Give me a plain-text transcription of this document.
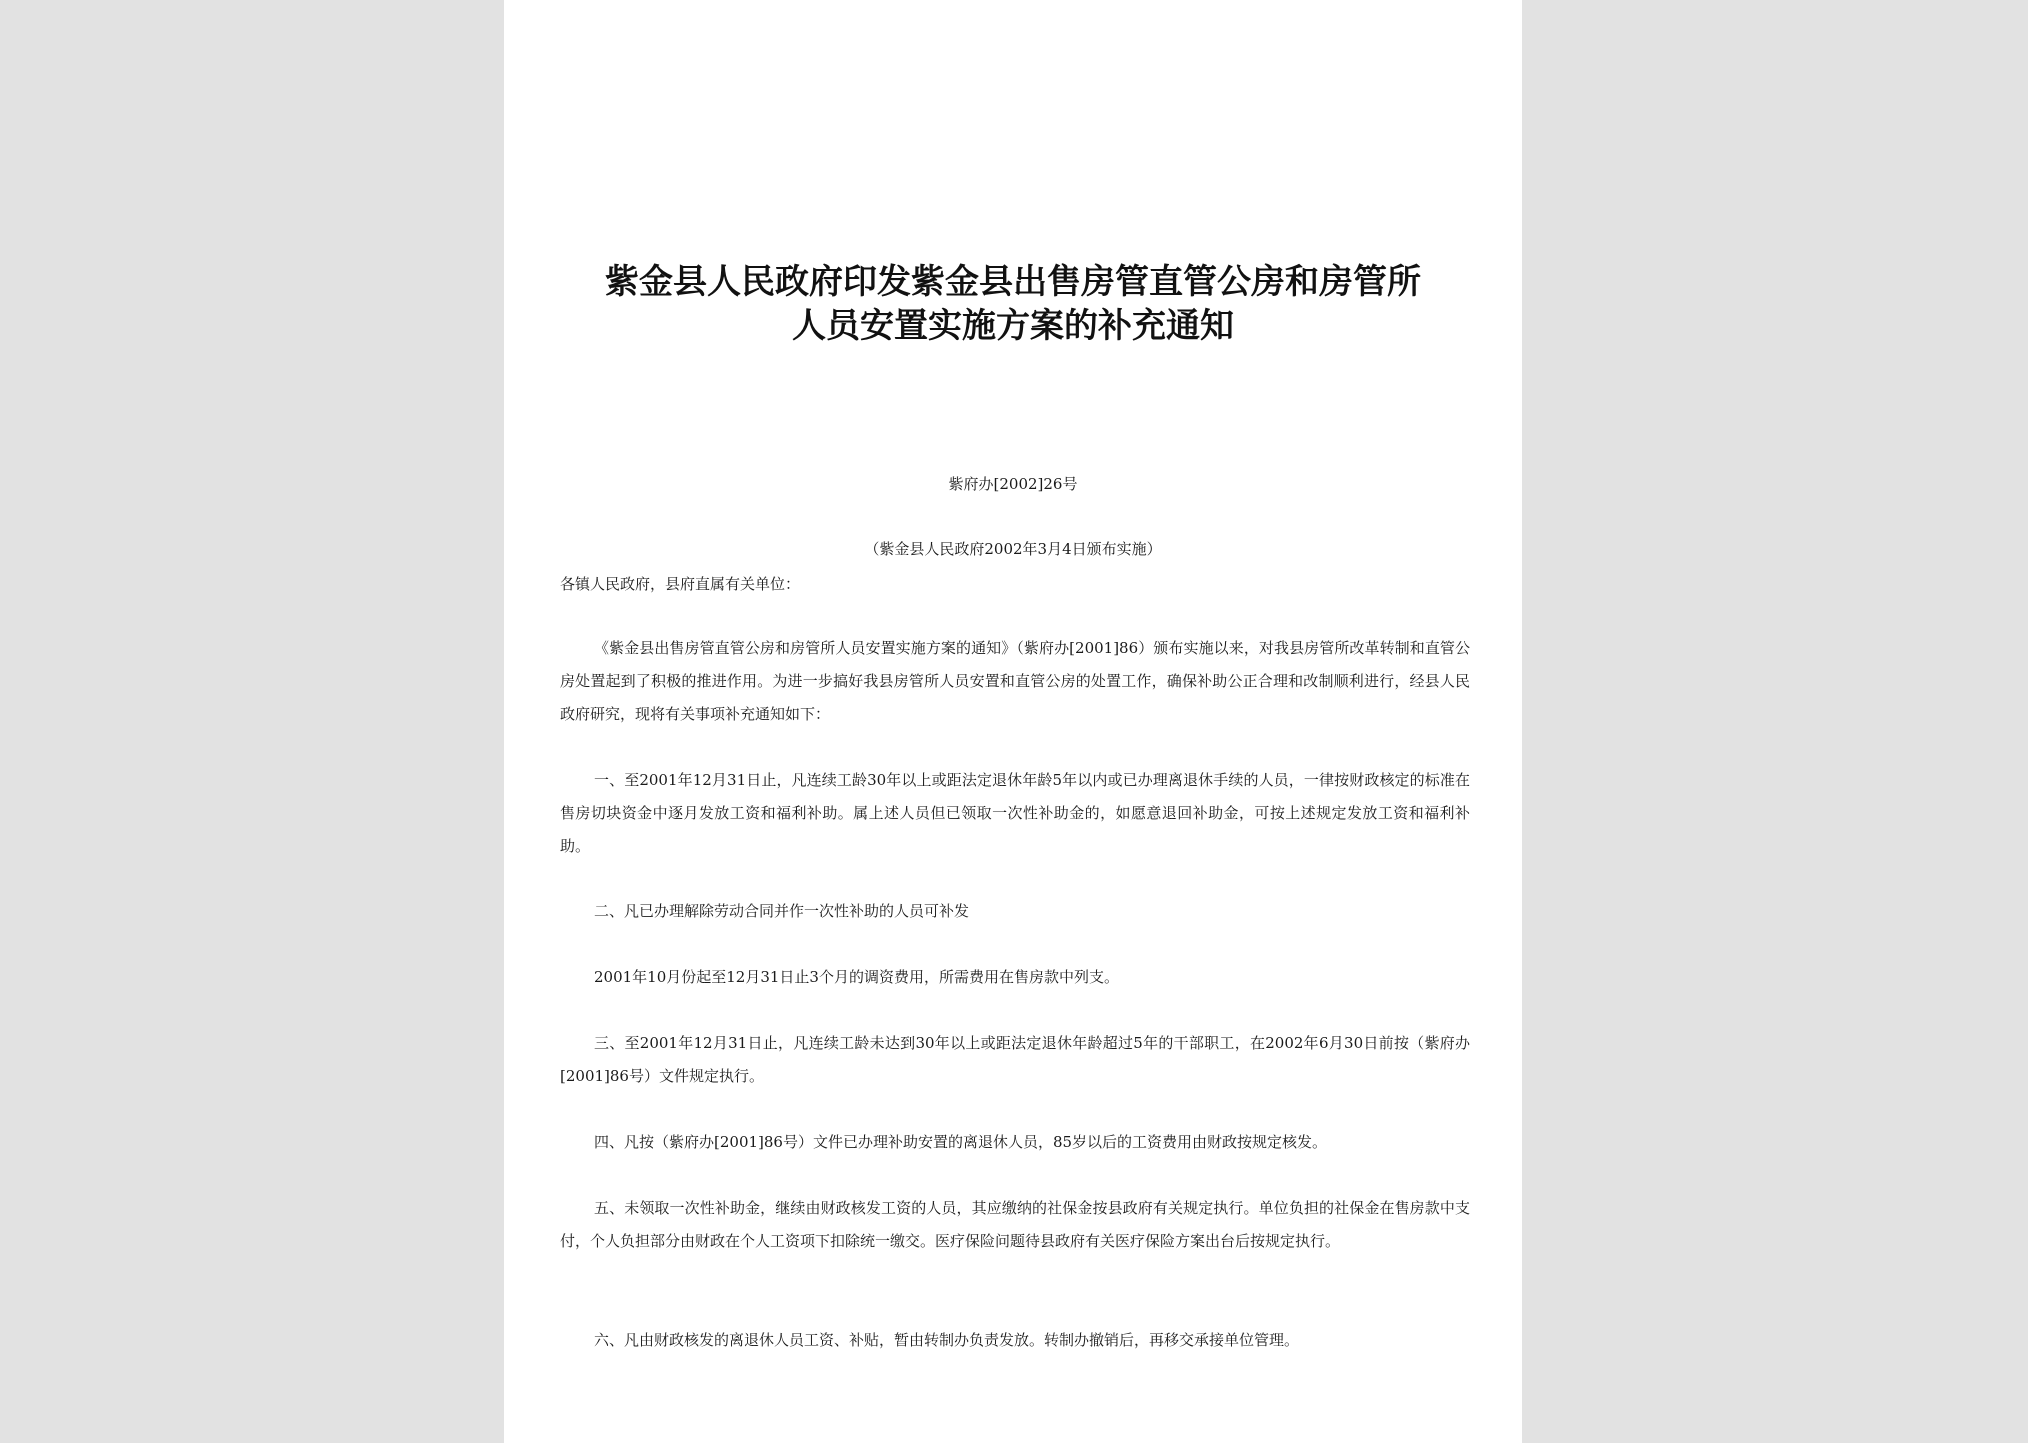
紫金县人民政府印发紫金县出售房管直管公房和房管所
人员安置实施方案的补充通知
紫府办[2002]26号
（紫金县人民政府2002年3月4日颁布实施）
各镇人民政府，县府直属有关单位：
《紫金县出售房管直管公房和房管所人员安置实施方案的通知》（紫府办[2001]86）颁布实施以来，对我县房管所改革转制和直管公房处置起到了积极的推进作用。为进一步搞好我县房管所人员安置和直管公房的处置工作，确保补助公正合理和改制顺利进行，经县人民政府研究，现将有关事项补充通知如下：
一、至2001年12月31日止，凡连续工龄30年以上或距法定退休年龄5年以内或已办理离退休手续的人员，一律按财政核定的标准在售房切块资金中逐月发放工资和福利补助。属上述人员但已领取一次性补助金的，如愿意退回补助金，可按上述规定发放工资和福利补助。
二、凡已办理解除劳动合同并作一次性补助的人员可补发
2001年10月份起至12月31日止3个月的调资费用，所需费用在售房款中列支。
三、至2001年12月31日止，凡连续工龄未达到30年以上或距法定退休年龄超过5年的干部职工，在2002年6月30日前按（紫府办[2001]86号）文件规定执行。
四、凡按（紫府办[2001]86号）文件已办理补助安置的离退休人员，85岁以后的工资费用由财政按规定核发。
五、未领取一次性补助金，继续由财政核发工资的人员，其应缴纳的社保金按县政府有关规定执行。单位负担的社保金在售房款中支付，个人负担部分由财政在个人工资项下扣除统一缴交。医疗保险问题待县政府有关医疗保险方案出台后按规定执行。
六、凡由财政核发的离退休人员工资、补贴，暂由转制办负责发放。转制办撤销后，再移交承接单位管理。
